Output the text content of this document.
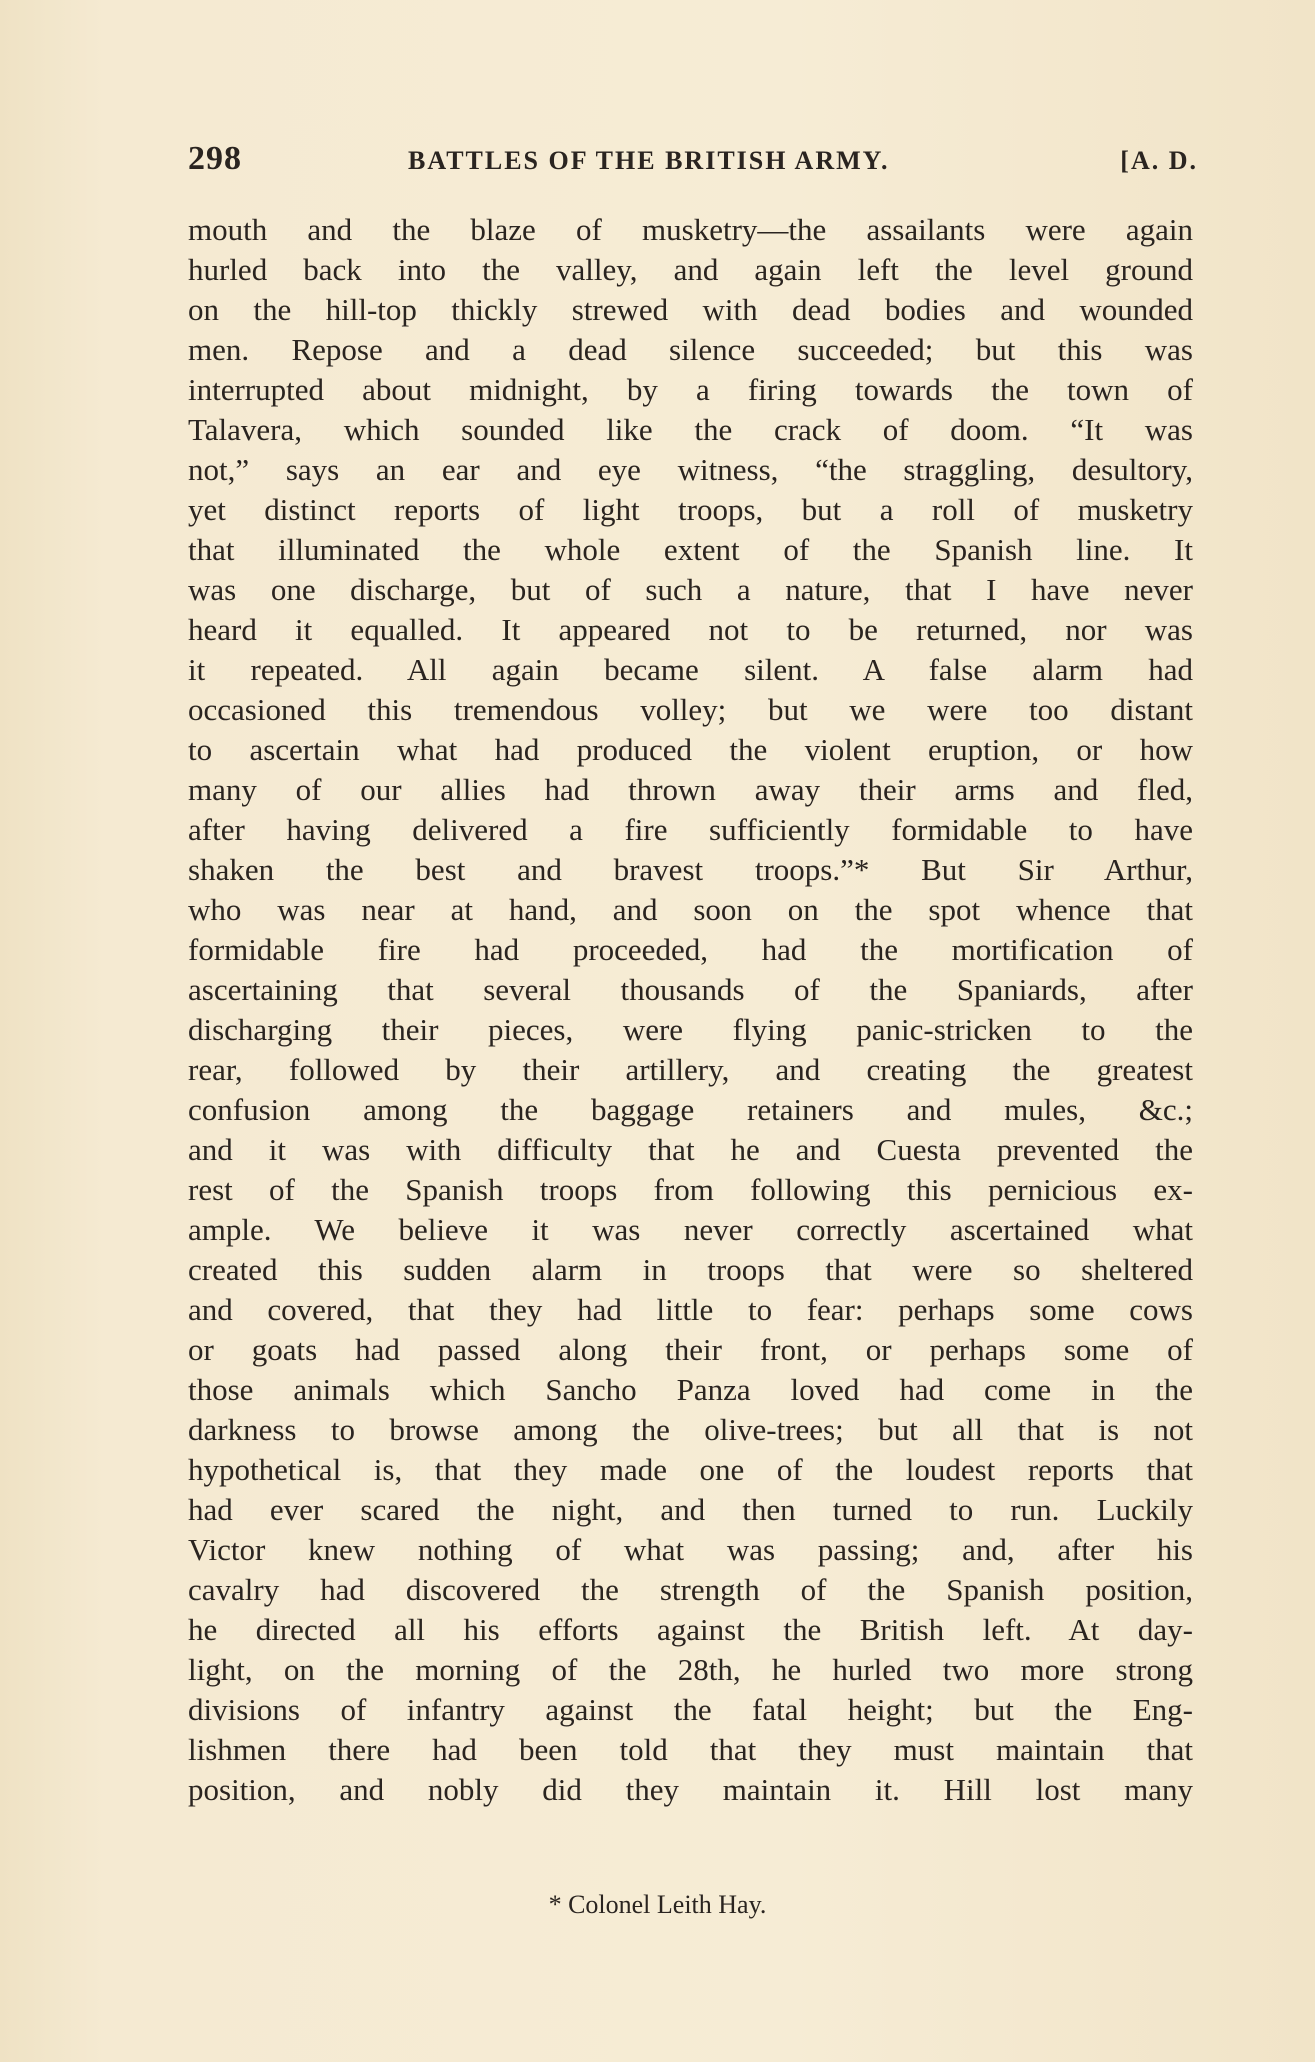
298	BATTLES OF THE BRITISH ARMY.	[A. D.
mouth and the blaze of musketry—the assailants were again
hurled back into the valley, and again left the level ground
on the hill-top thickly strewed with dead bodies and wounded
men. Repose and a dead silence succeeded; but this was
interrupted about midnight, by a firing towards the town of
Talavera, which sounded like the crack of doom. “It was
not,” says an ear and eye witness, “the straggling, desultory,
yet distinct reports of light troops, but a roll of musketry
that illuminated the whole extent of the Spanish line. It
was one discharge, but of such a nature, that I have never
heard it equalled. It appeared not to be returned, nor was
it repeated. All again became silent. A false alarm had
occasioned this tremendous volley; but we were too distant
to ascertain what had produced the violent eruption, or how
many of our allies had thrown away their arms and fled,
after having delivered a fire sufficiently formidable to have
shaken the best and bravest troops.”* But Sir Arthur,
who was near at hand, and soon on the spot whence that
formidable fire had proceeded, had the mortification of
ascertaining that several thousands of the Spaniards, after
discharging their pieces, were flying panic-stricken to the
rear, followed by their artillery, and creating the greatest
confusion among the baggage retainers and mules, &c.;
and it was with difficulty that he and Cuesta prevented the
rest of the Spanish troops from following this pernicious ex-
ample. We believe it was never correctly ascertained what
created this sudden alarm in troops that were so sheltered
and covered, that they had little to fear: perhaps some cows
or goats had passed along their front, or perhaps some of
those animals which Sancho Panza loved had come in the
darkness to browse among the olive-trees; but all that is not
hypothetical is, that they made one of the loudest reports that
had ever scared the night, and then turned to run. Luckily
Victor knew nothing of what was passing; and, after his
cavalry had discovered the strength of the Spanish position,
he directed all his efforts against the British left. At day-
light, on the morning of the 28th, he hurled two more strong
divisions of infantry against the fatal height; but the Eng-
lishmen there had been told that they must maintain that
position, and nobly did they maintain it. Hill lost many
* Colonel Leith Hay.
